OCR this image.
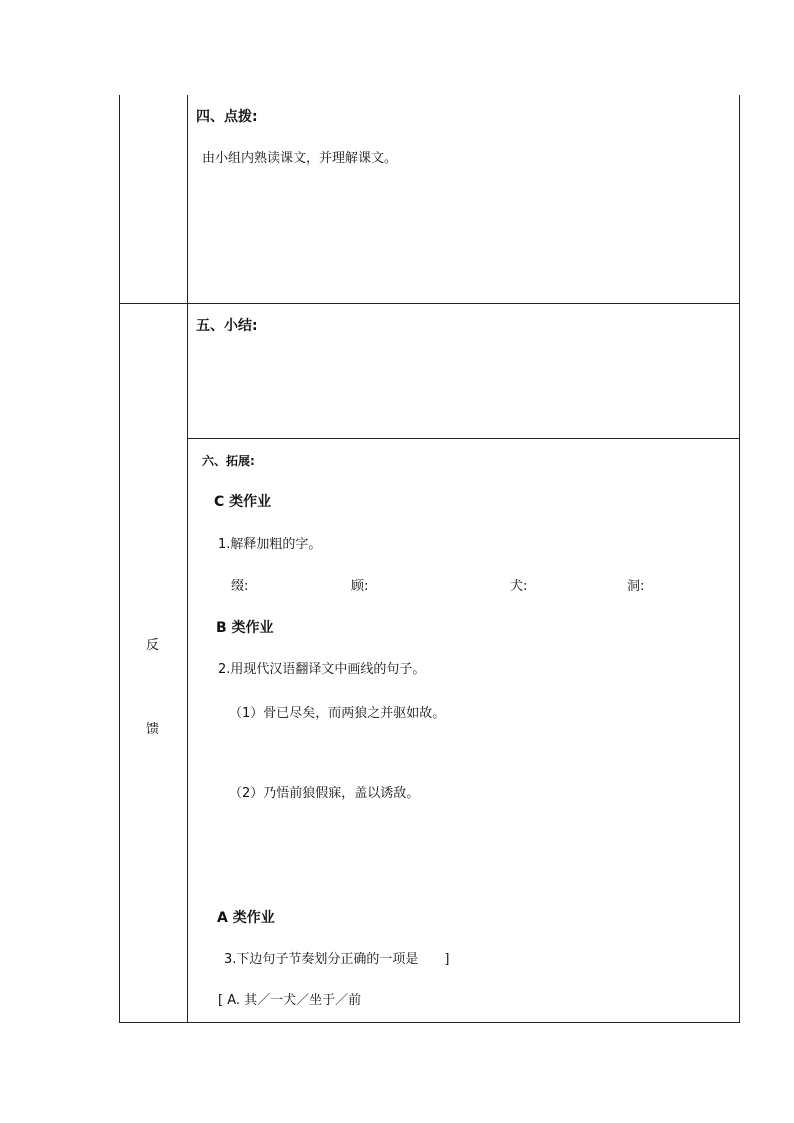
反
馈
四、点拨:
由小组内熟读课文，并理解课文。
五、小结:
六、拓展:
C 类作业
1.解释加粗的字。
缀:	顾:	犬:	洞:
B 类作业
2.用现代汉语翻译文中画线的句子。
（1）骨已尽矣，而两狼之并驱如故。
（2）乃悟前狼假寐，盖以诱敌。
A 类作业
3.下边句子节奏划分正确的一项是　　]
[ A. 其／一犬／坐于／前
